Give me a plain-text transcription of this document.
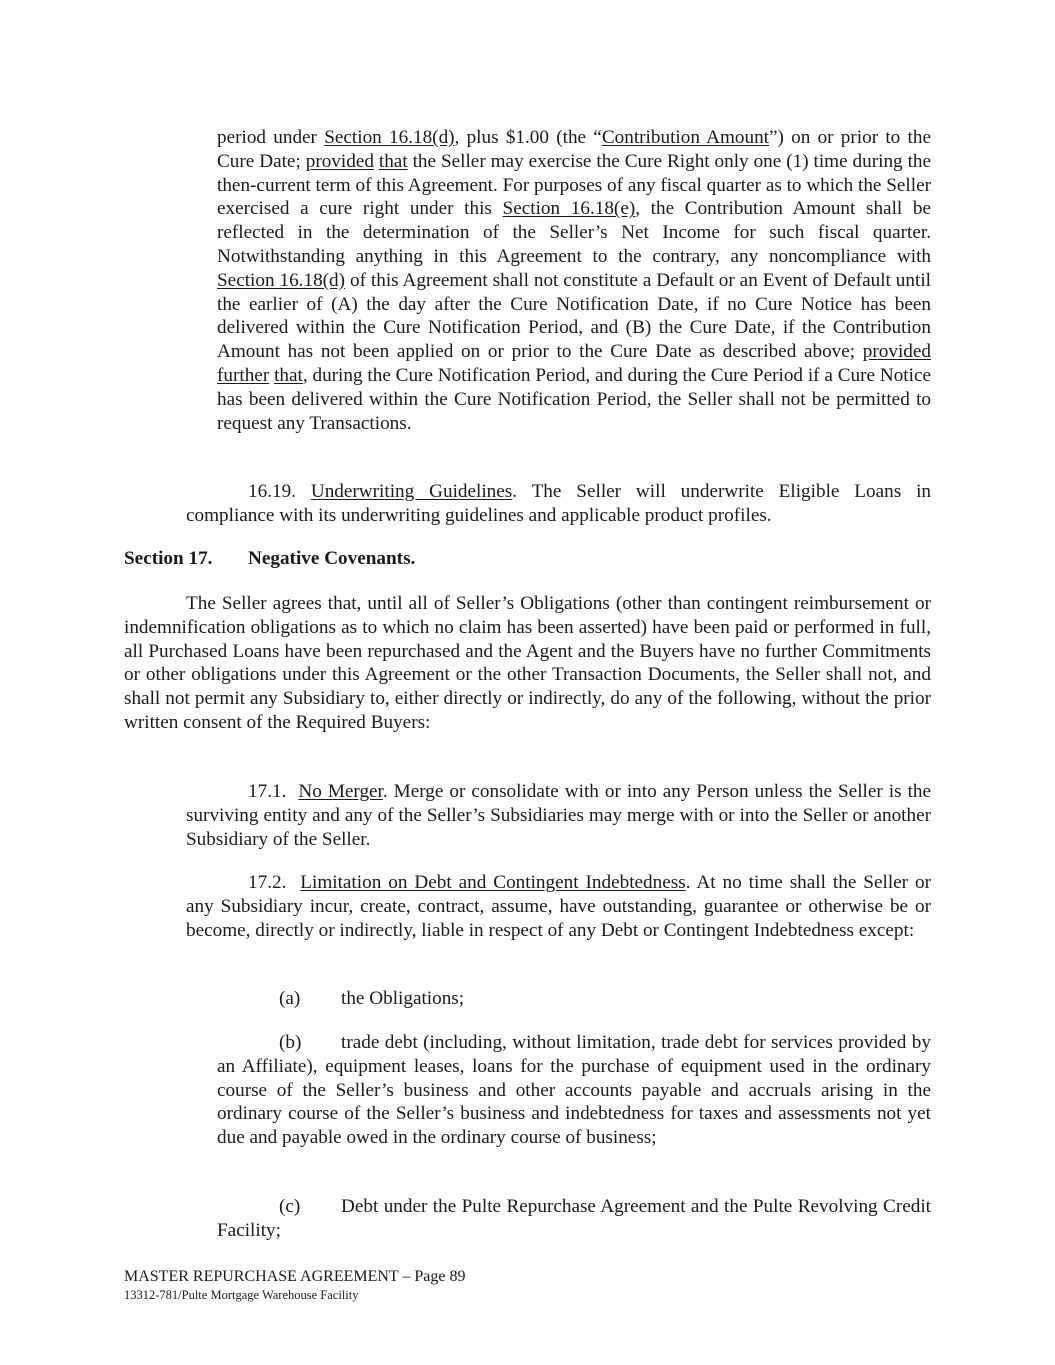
period under Section 16.18(d), plus $1.00 (the “Contribution Amount”) on or prior to the Cure Date; provided that the Seller may exercise the Cure Right only one (1) time during the then-current term of this Agreement. For purposes of any fiscal quarter as to which the Seller exercised a cure right under this Section 16.18(e), the Contribution Amount shall be reflected in the determination of the Seller’s Net Income for such fiscal quarter. Notwithstanding anything in this Agreement to the contrary, any noncompliance with Section 16.18(d) of this Agreement shall not constitute a Default or an Event of Default until the earlier of (A) the day after the Cure Notification Date, if no Cure Notice has been delivered within the Cure Notification Period, and (B) the Cure Date, if the Contribution Amount has not been applied on or prior to the Cure Date as described above; provided further that, during the Cure Notification Period, and during the Cure Period if a Cure Notice has been delivered within the Cure Notification Period, the Seller shall not be permitted to request any Transactions.

16.19. Underwriting Guidelines. The Seller will underwrite Eligible Loans in compliance with its underwriting guidelines and applicable product profiles.

Section 17. Negative Covenants.

The Seller agrees that, until all of Seller’s Obligations (other than contingent reimbursement or indemnification obligations as to which no claim has been asserted) have been paid or performed in full, all Purchased Loans have been repurchased and the Agent and the Buyers have no further Commitments or other obligations under this Agreement or the other Transaction Documents, the Seller shall not, and shall not permit any Subsidiary to, either directly or indirectly, do any of the following, without the prior written consent of the Required Buyers:

17.1. No Merger. Merge or consolidate with or into any Person unless the Seller is the surviving entity and any of the Seller’s Subsidiaries may merge with or into the Seller or another Subsidiary of the Seller.

17.2. Limitation on Debt and Contingent Indebtedness. At no time shall the Seller or any Subsidiary incur, create, contract, assume, have outstanding, guarantee or otherwise be or become, directly or indirectly, liable in respect of any Debt or Contingent Indebtedness except:

(a) the Obligations;

(b) trade debt (including, without limitation, trade debt for services provided by an Affiliate), equipment leases, loans for the purchase of equipment used in the ordinary course of the Seller’s business and other accounts payable and accruals arising in the ordinary course of the Seller’s business and indebtedness for taxes and assessments not yet due and payable owed in the ordinary course of business;

(c) Debt under the Pulte Repurchase Agreement and the Pulte Revolving Credit Facility;

MASTER REPURCHASE AGREEMENT – Page 89
13312-781/Pulte Mortgage Warehouse Facility
